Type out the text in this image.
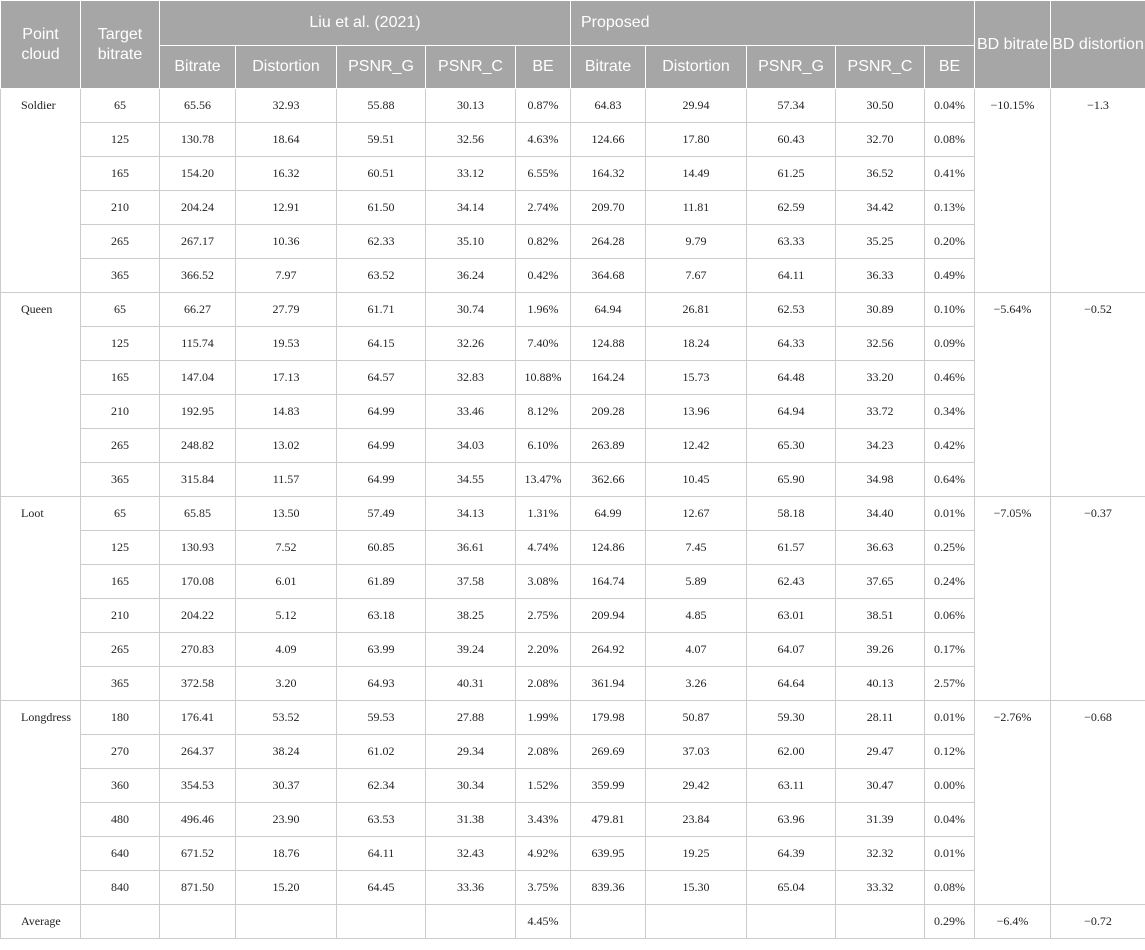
Point cloud	Target bitrate	Liu et al. (2021)					Proposed					BD bitrate	BD distortion
		Bitrate	Distortion	PSNR_G	PSNR_C	BE	Bitrate	Distortion	PSNR_G	PSNR_C	BE		
Soldier	65	65.56	32.93	55.88	30.13	0.87%	64.83	29.94	57.34	30.50	0.04%	−10.15%	−1.3
	125	130.78	18.64	59.51	32.56	4.63%	124.66	17.80	60.43	32.70	0.08%		
	165	154.20	16.32	60.51	33.12	6.55%	164.32	14.49	61.25	36.52	0.41%		
	210	204.24	12.91	61.50	34.14	2.74%	209.70	11.81	62.59	34.42	0.13%		
	265	267.17	10.36	62.33	35.10	0.82%	264.28	9.79	63.33	35.25	0.20%		
	365	366.52	7.97	63.52	36.24	0.42%	364.68	7.67	64.11	36.33	0.49%		
Queen	65	66.27	27.79	61.71	30.74	1.96%	64.94	26.81	62.53	30.89	0.10%	−5.64%	−0.52
	125	115.74	19.53	64.15	32.26	7.40%	124.88	18.24	64.33	32.56	0.09%		
	165	147.04	17.13	64.57	32.83	10.88%	164.24	15.73	64.48	33.20	0.46%		
	210	192.95	14.83	64.99	33.46	8.12%	209.28	13.96	64.94	33.72	0.34%		
	265	248.82	13.02	64.99	34.03	6.10%	263.89	12.42	65.30	34.23	0.42%		
	365	315.84	11.57	64.99	34.55	13.47%	362.66	10.45	65.90	34.98	0.64%		
Loot	65	65.85	13.50	57.49	34.13	1.31%	64.99	12.67	58.18	34.40	0.01%	−7.05%	−0.37
	125	130.93	7.52	60.85	36.61	4.74%	124.86	7.45	61.57	36.63	0.25%		
	165	170.08	6.01	61.89	37.58	3.08%	164.74	5.89	62.43	37.65	0.24%		
	210	204.22	5.12	63.18	38.25	2.75%	209.94	4.85	63.01	38.51	0.06%		
	265	270.83	4.09	63.99	39.24	2.20%	264.92	4.07	64.07	39.26	0.17%		
	365	372.58	3.20	64.93	40.31	2.08%	361.94	3.26	64.64	40.13	2.57%		
Longdress	180	176.41	53.52	59.53	27.88	1.99%	179.98	50.87	59.30	28.11	0.01%	−2.76%	−0.68
	270	264.37	38.24	61.02	29.34	2.08%	269.69	37.03	62.00	29.47	0.12%		
	360	354.53	30.37	62.34	30.34	1.52%	359.99	29.42	63.11	30.47	0.00%		
	480	496.46	23.90	63.53	31.38	3.43%	479.81	23.84	63.96	31.39	0.04%		
	640	671.52	18.76	64.11	32.43	4.92%	639.95	19.25	64.39	32.32	0.01%		
	840	871.50	15.20	64.45	33.36	3.75%	839.36	15.30	65.04	33.32	0.08%		
Average						4.45%					0.29%	−6.4%	−0.72
